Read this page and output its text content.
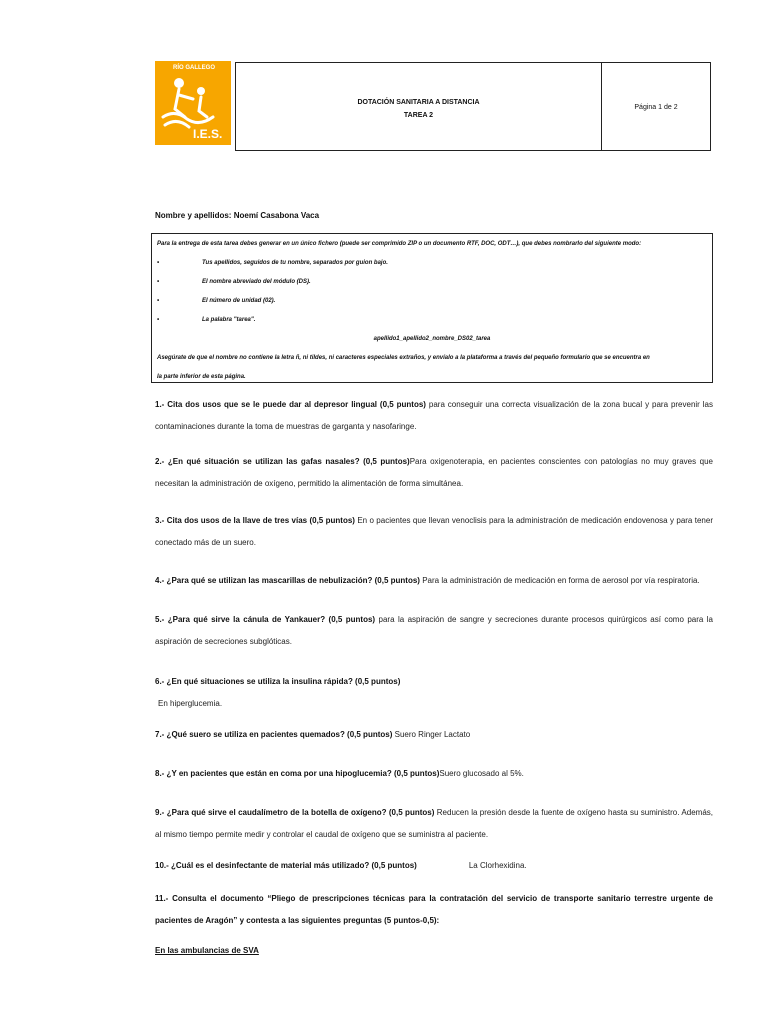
RÍO GALLEGO
I.E.S.
DOTACIÓN SANITARIA A DISTANCIA
TAREA 2
Página 1 de 2
Nombre y apellidos: Noemí Casabona Vaca
Para la entrega de esta tarea debes generar en un único fichero (puede ser comprimido ZIP o un documento RTF, DOC, ODT…), que debes nombrarlo del siguiente modo:
•	Tus apellidos, seguidos de tu nombre, separados por guion bajo.
•	El nombre abreviado del módulo (DS).
•	El número de unidad (02).
•	La palabra "tarea".
apellido1_apellido2_nombre_DS02_tarea
Asegúrate de que el nombre no contiene la letra ñ, ni tildes, ni caracteres especiales extraños, y envíalo a la plataforma a través del pequeño formulario que se encuentra en
la parte inferior de esta página.
1.- Cita dos usos que se le puede dar al depresor lingual (0,5 puntos) para conseguir una correcta visualización de la zona bucal y para prevenir las contaminaciones durante la toma de muestras de garganta y nasofaringe.
2.- ¿En qué situación se utilizan las gafas nasales? (0,5 puntos)Para oxigenoterapia, en pacientes conscientes con patologías no muy graves que necesitan la administración de oxígeno, permitido la alimentación de forma simultánea.
3.- Cita dos usos de la llave de tres vías (0,5 puntos) En o pacientes que llevan venoclisis para la administración de medicación endovenosa y para tener conectado más de un suero.
4.- ¿Para qué se utilizan las mascarillas de nebulización? (0,5 puntos) Para la administración de medicación en forma de aerosol por vía respiratoria.
5.- ¿Para qué sirve la cánula de Yankauer? (0,5 puntos) para la aspiración de sangre y secreciones durante procesos quirúrgicos así como para la aspiración de secreciones subglóticas.
6.- ¿En qué situaciones se utiliza la insulina rápida? (0,5 puntos)
En hiperglucemia.
7.- ¿Qué suero se utiliza en pacientes quemados? (0,5 puntos) Suero Ringer Lactato
8.- ¿Y en pacientes que están en coma por una hipoglucemia? (0,5 puntos)Suero glucosado al 5%.
9.- ¿Para qué sirve el caudalímetro de la botella de oxígeno? (0,5 puntos) Reducen la presión desde la fuente de oxígeno hasta su suministro. Además, al mismo tiempo permite medir y controlar el caudal de oxígeno que se suministra al paciente.
10.- ¿Cuál es el desinfectante de material más utilizado? (0,5 puntos)	La Clorhexidina.
11.- Consulta el documento “Pliego de prescripciones técnicas para la contratación del servicio de transporte sanitario terrestre urgente de pacientes de Aragón” y contesta a las siguientes preguntas (5 puntos-0,5):
En las ambulancias de SVA
